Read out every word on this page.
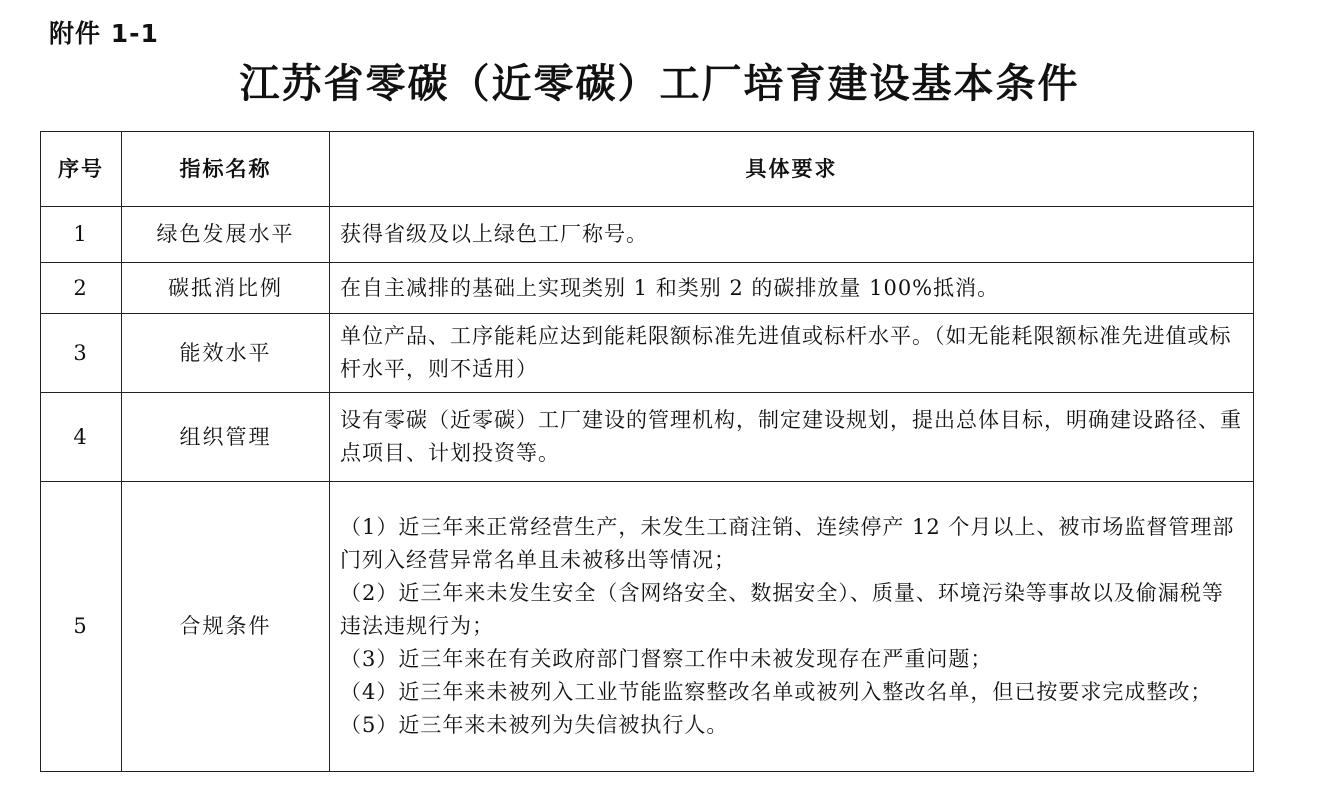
附件 1-1
江苏省零碳（近零碳）工厂培育建设基本条件
序号	指标名称	具体要求
1	绿色发展水平	获得省级及以上绿色工厂称号。

2	碳抵消比例	在自主减排的基础上实现类别 1 和类别 2 的碳排放量 100%抵消。

3	能效水平	单位产品、工序能耗应达到能耗限额标准先进值或标杆水平。（如无能耗限额标准先进值或标杆水平，则不适用）

4	组织管理	设有零碳（近零碳）工厂建设的管理机构，制定建设规划，提出总体目标，明确建设路径、重点项目、计划投资等。

5	合规条件	（1）近三年来正常经营生产，未发生工商注销、连续停产 12 个月以上、被市场监督管理部门列入经营异常名单且未被移出等情况；
（2）近三年来未发生安全（含网络安全、数据安全）、质量、环境污染等事故以及偷漏税等违法违规行为；
（3）近三年来在有关政府部门督察工作中未被发现存在严重问题；
（4）近三年来未被列入工业节能监察整改名单或被列入整改名单，但已按要求完成整改；
（5）近三年来未被列为失信被执行人。
